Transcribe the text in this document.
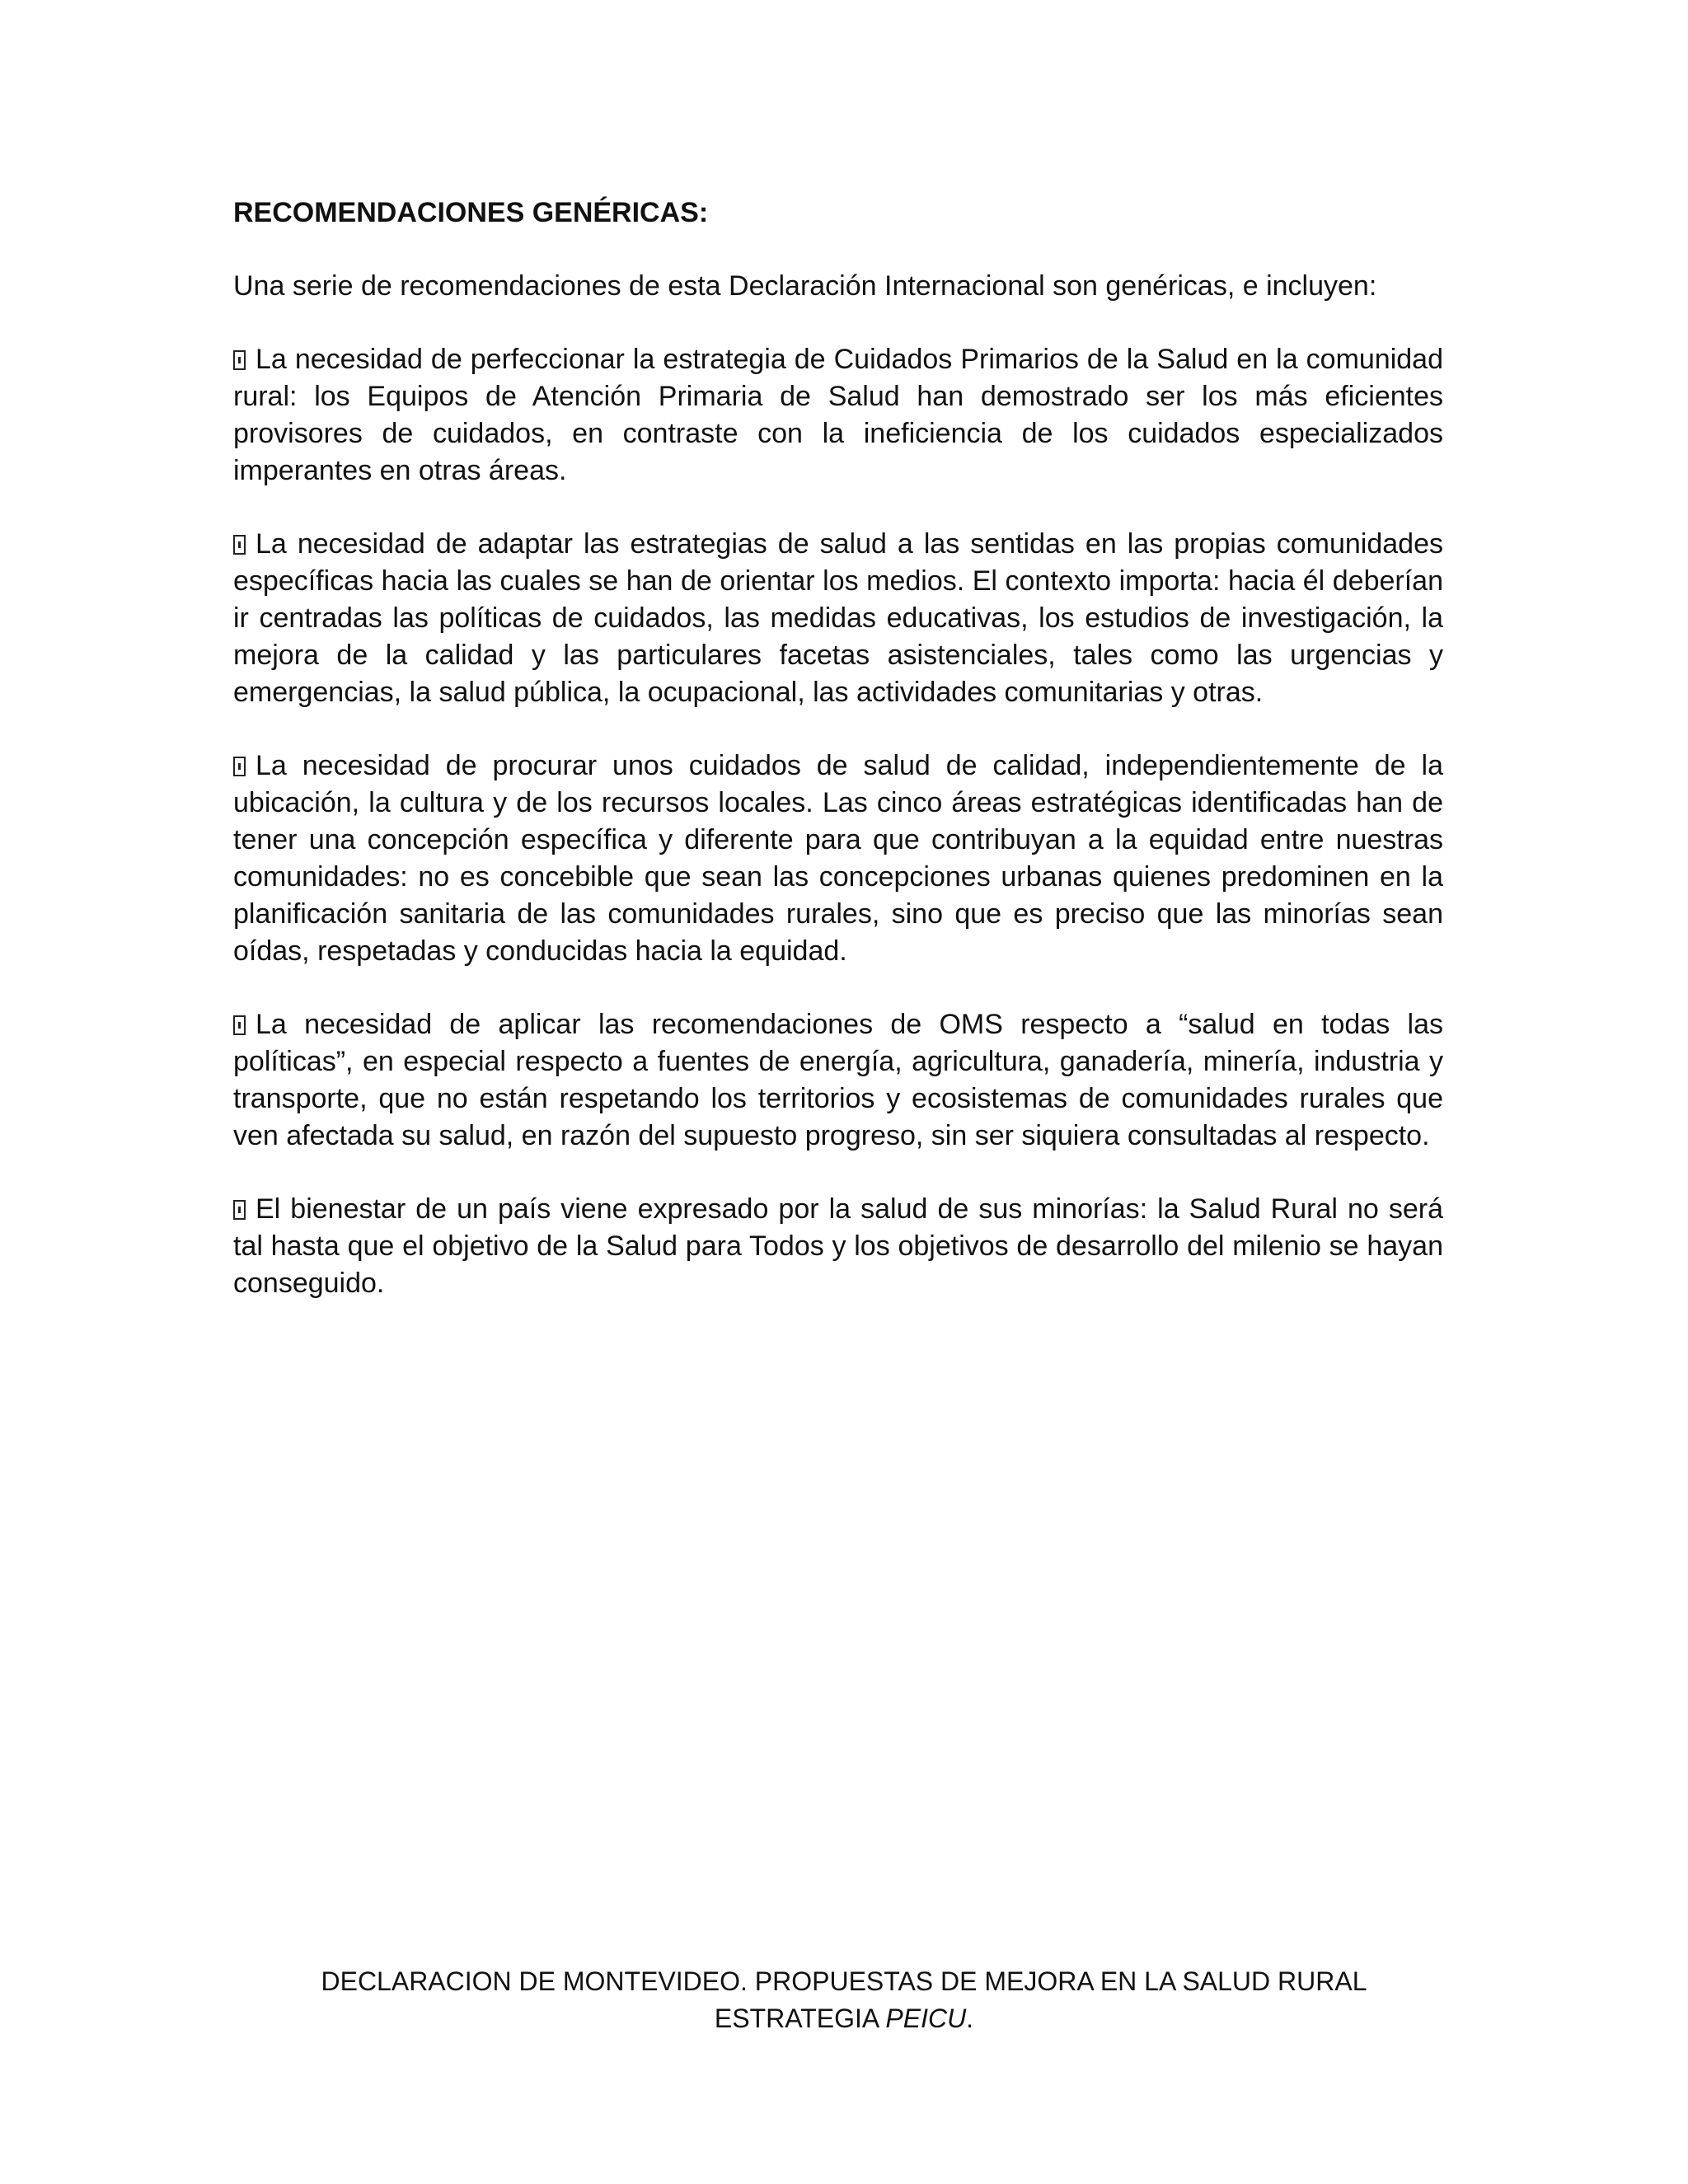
RECOMENDACIONES GENÉRICAS:

Una serie de recomendaciones de esta Declaración Internacional son genéricas, e incluyen:

La necesidad de perfeccionar la estrategia de Cuidados Primarios de la Salud en la comunidad rural: los Equipos de Atención Primaria de Salud han demostrado ser los más eficientes provisores de cuidados, en contraste con la ineficiencia de los cuidados especializados imperantes en otras áreas.

La necesidad de adaptar las estrategias de salud a las sentidas en las propias comunidades específicas hacia las cuales se han de orientar los medios. El contexto importa: hacia él deberían ir centradas las políticas de cuidados, las medidas educativas, los estudios de investigación, la mejora de la calidad y las particulares facetas asistenciales, tales como las urgencias y emergencias, la salud pública, la ocupacional, las actividades comunitarias y otras.

La necesidad de procurar unos cuidados de salud de calidad, independientemente de la ubicación, la cultura y de los recursos locales. Las cinco áreas estratégicas identificadas han de tener una concepción específica y diferente para que contribuyan a la equidad entre nuestras comunidades: no es concebible que sean las concepciones urbanas quienes predominen en la planificación sanitaria de las comunidades rurales, sino que es preciso que las minorías sean oídas, respetadas y conducidas hacia la equidad.

La necesidad de aplicar las recomendaciones de OMS respecto a “salud en todas las políticas”, en especial respecto a fuentes de energía, agricultura, ganadería, minería, industria y transporte, que no están respetando los territorios y ecosistemas de comunidades rurales que ven afectada su salud, en razón del supuesto progreso, sin ser siquiera consultadas al respecto.

El bienestar de un país viene expresado por la salud de sus minorías: la Salud Rural no será tal hasta que el objetivo de la Salud para Todos y los objetivos de desarrollo del milenio se hayan conseguido.

DECLARACION DE MONTEVIDEO. PROPUESTAS DE MEJORA EN LA SALUD RURAL
ESTRATEGIA PEICU.
